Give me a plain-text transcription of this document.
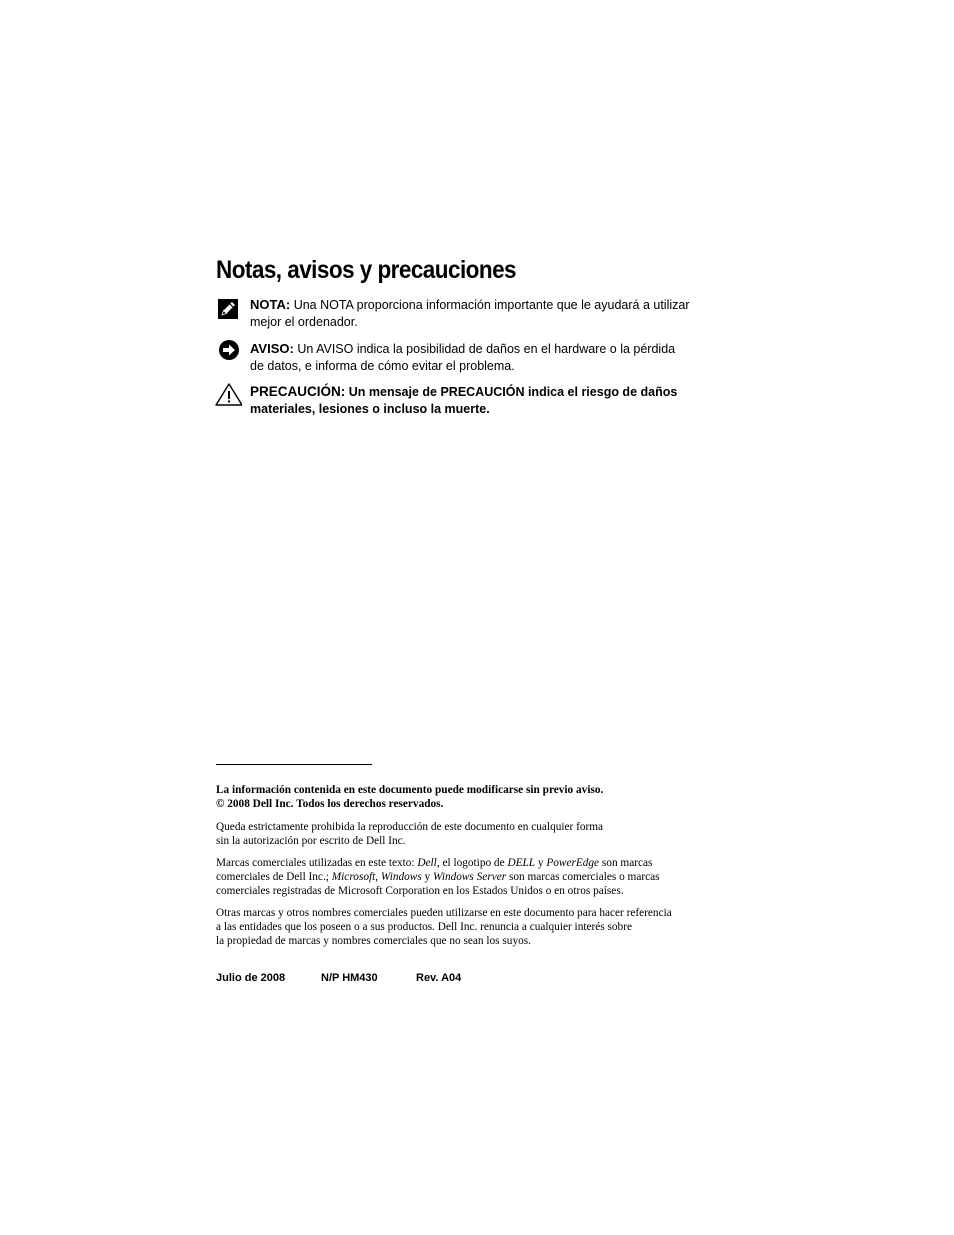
Notas, avisos y precauciones
NOTA: Una NOTA proporciona información importante que le ayudará a utilizar
mejor el ordenador.
AVISO: Un AVISO indica la posibilidad de daños en el hardware o la pérdida
de datos, e informa de cómo evitar el problema.
PRECAUCIÓN: Un mensaje de PRECAUCIÓN indica el riesgo de daños
materiales, lesiones o incluso la muerte.

La información contenida en este documento puede modificarse sin previo aviso.
© 2008 Dell Inc. Todos los derechos reservados.

Queda estrictamente prohibida la reproducción de este documento en cualquier forma
sin la autorización por escrito de Dell Inc.

Marcas comerciales utilizadas en este texto: Dell, el logotipo de DELL y PowerEdge son marcas
comerciales de Dell Inc.; Microsoft, Windows y Windows Server son marcas comerciales o marcas
comerciales registradas de Microsoft Corporation en los Estados Unidos o en otros países.

Otras marcas y otros nombres comerciales pueden utilizarse en este documento para hacer referencia
a las entidades que los poseen o a sus productos. Dell Inc. renuncia a cualquier interés sobre
la propiedad de marcas y nombres comerciales que no sean los suyos.

Julio de 2008	N/P HM430	Rev. A04
